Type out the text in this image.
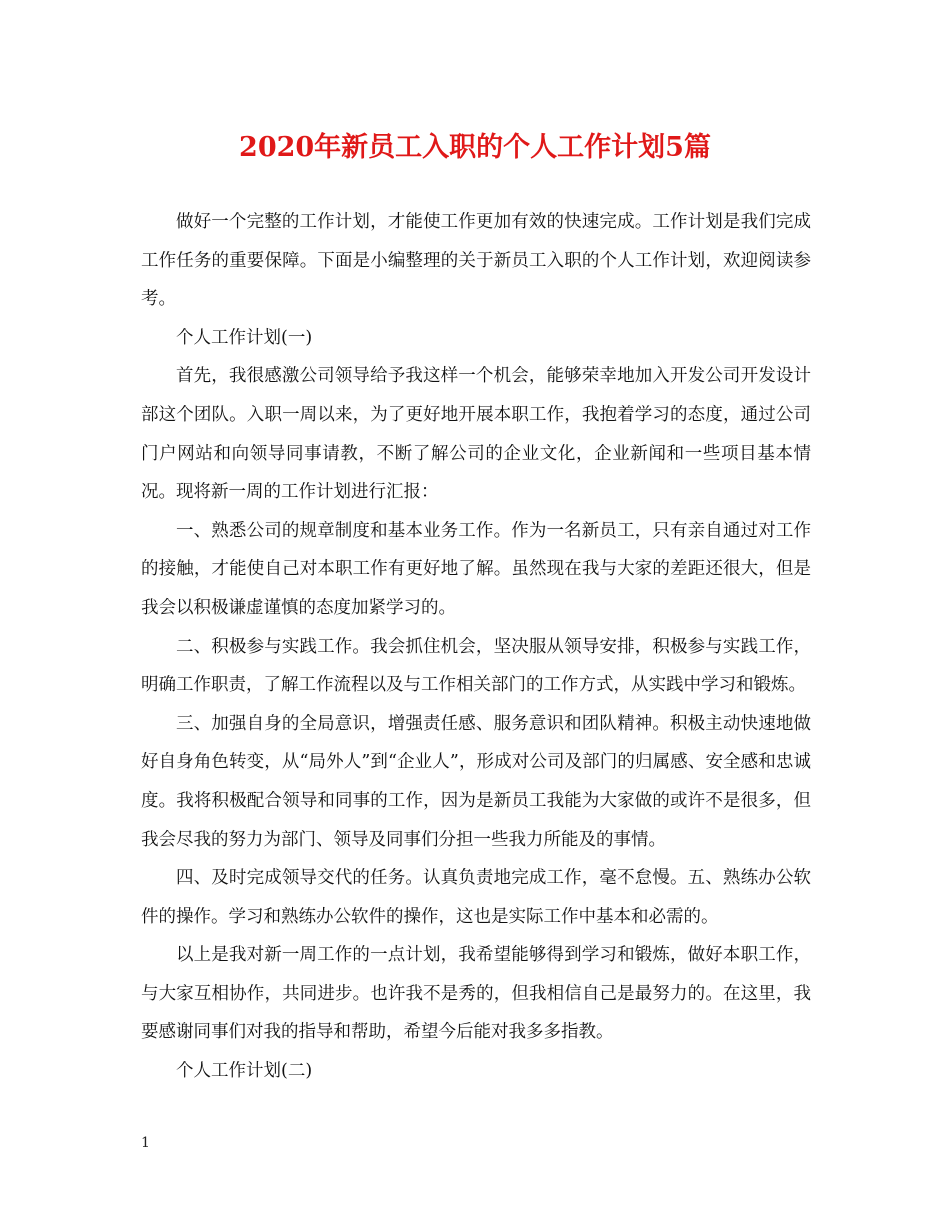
2020年新员工入职的个人工作计划5篇

做好一个完整的工作计划，才能使工作更加有效的快速完成。工作计划是我们完成工作任务的重要保障。下面是小编整理的关于新员工入职的个人工作计划，欢迎阅读参考。

个人工作计划(一)

首先，我很感激公司领导给予我这样一个机会，能够荣幸地加入开发公司开发设计部这个团队。入职一周以来，为了更好地开展本职工作，我抱着学习的态度，通过公司门户网站和向领导同事请教，不断了解公司的企业文化，企业新闻和一些项目基本情况。现将新一周的工作计划进行汇报：

一、熟悉公司的规章制度和基本业务工作。作为一名新员工，只有亲自通过对工作的接触，才能使自己对本职工作有更好地了解。虽然现在我与大家的差距还很大，但是我会以积极谦虚谨慎的态度加紧学习的。

二、积极参与实践工作。我会抓住机会，坚决服从领导安排，积极参与实践工作，明确工作职责，了解工作流程以及与工作相关部门的工作方式，从实践中学习和锻炼。

三、加强自身的全局意识，增强责任感、服务意识和团队精神。积极主动快速地做好自身角色转变，从“局外人”到“企业人”，形成对公司及部门的归属感、安全感和忠诚度。我将积极配合领导和同事的工作，因为是新员工我能为大家做的或许不是很多，但我会尽我的努力为部门、领导及同事们分担一些我力所能及的事情。

四、及时完成领导交代的任务。认真负责地完成工作，毫不怠慢。五、熟练办公软件的操作。学习和熟练办公软件的操作，这也是实际工作中基本和必需的。

以上是我对新一周工作的一点计划，我希望能够得到学习和锻炼，做好本职工作，与大家互相协作，共同进步。也许我不是秀的，但我相信自己是最努力的。在这里，我要感谢同事们对我的指导和帮助，希望今后能对我多多指教。

个人工作计划(二)

1
